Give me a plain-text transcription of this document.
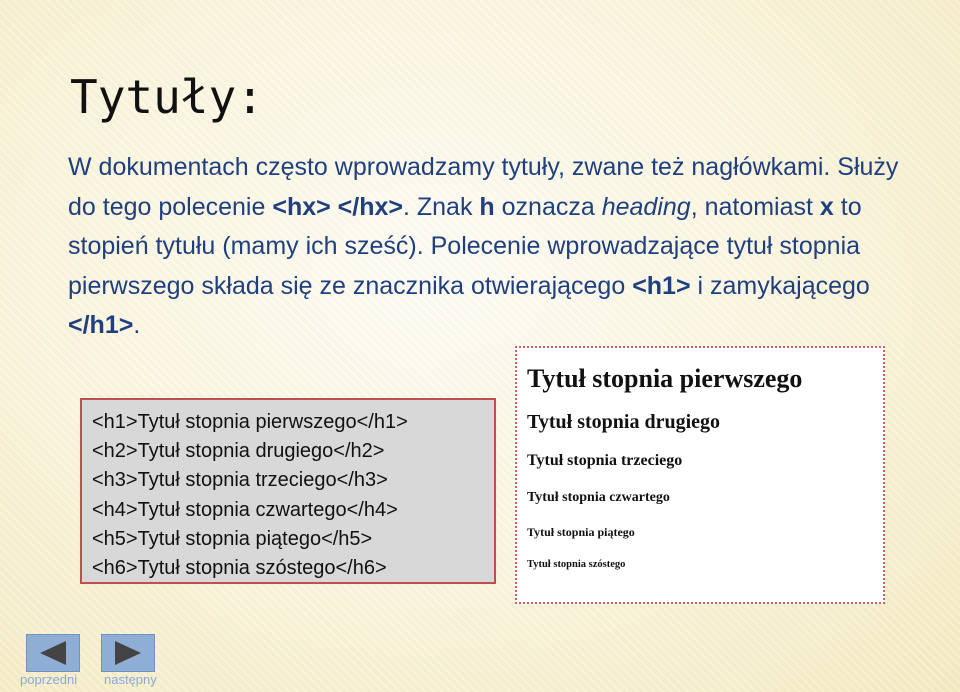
Tytuły:

W dokumentach często wprowadzamy tytuły, zwane też nagłówkami. Służy do tego polecenie <hx> </hx>. Znak h oznacza heading, natomiast x to stopień tytułu (mamy ich sześć). Polecenie wprowadzające tytuł stopnia pierwszego składa się ze znacznika otwierającego <h1> i zamykającego </h1>.

<h1>Tytuł stopnia pierwszego</h1>
<h2>Tytuł stopnia drugiego</h2>
<h3>Tytuł stopnia trzeciego</h3>
<h4>Tytuł stopnia czwartego</h4>
<h5>Tytuł stopnia piątego</h5>
<h6>Tytuł stopnia szóstego</h6>
Tytuł stopnia pierwszego
Tytuł stopnia drugiego
Tytuł stopnia trzeciego
Tytuł stopnia czwartego
Tytuł stopnia piątego
Tytuł stopnia szóstego
poprzedni następny
